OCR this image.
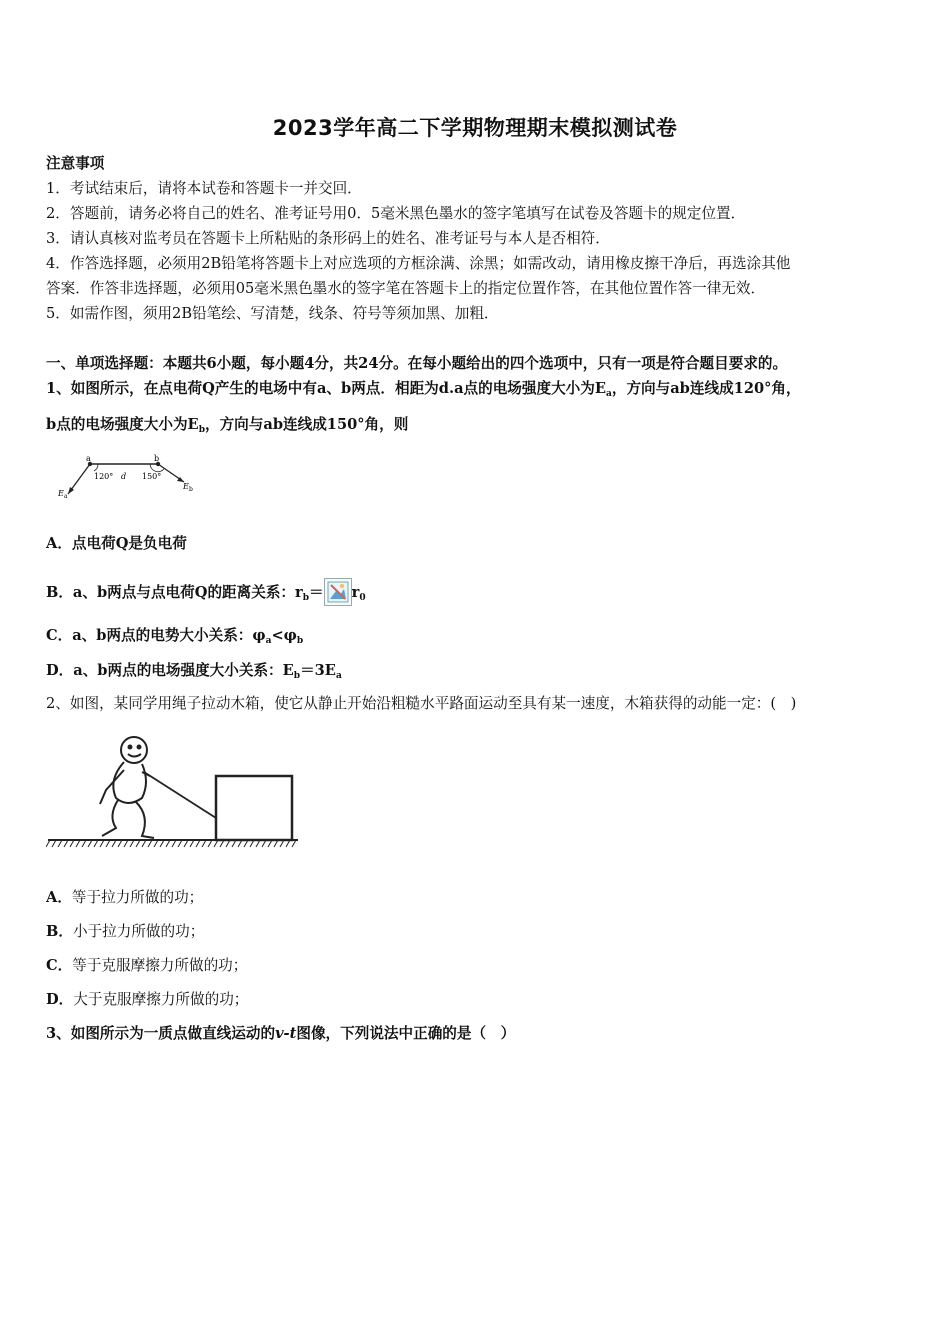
2023学年高二下学期物理期末模拟测试卷
注意事项
1．考试结束后，请将本试卷和答题卡一并交回．
2．答题前，请务必将自己的姓名、准考证号用0．5毫米黑色墨水的签字笔填写在试卷及答题卡的规定位置．
3．请认真核对监考员在答题卡上所粘贴的条形码上的姓名、准考证号与本人是否相符．
4．作答选择题，必须用2B铅笔将答题卡上对应选项的方框涂满、涂黑；如需改动，请用橡皮擦干净后，再选涂其他
答案．作答非选择题，必须用05毫米黑色墨水的签字笔在答题卡上的指定位置作答，在其他位置作答一律无效．
5．如需作图，须用2B铅笔绘、写清楚，线条、符号等须加黑、加粗．
一、单项选择题：本题共6小题，每小题4分，共24分。在每小题给出的四个选项中，只有一项是符合题目要求的。
1、如图所示，在点电荷Q产生的电场中有a、b两点．相距为d.a点的电场强度大小为$E_a$，方向与ab连线成120°角，
b点的电场强度大小为$E_b$，方向与ab连线成150°角，则
a	b
120° d 150°
E a
E b
A．点电荷Q是负电荷
B．a、b两点与点电荷Q的距离关系：$r_b= r_0$
C．a、b两点的电势大小关系：$\varphi_a<\varphi_b$
D．a、b两点的电场强度大小关系：$E_b=3E_a$
2、如图，某同学用绳子拉动木箱，使它从静止开始沿粗糙水平路面运动至具有某一速度，木箱获得的动能一定：(　)
A．等于拉力所做的功；
B．小于拉力所做的功；
C．等于克服摩擦力所做的功；
D．大于克服摩擦力所做的功；
3、如图所示为一质点做直线运动的v-t图像，下列说法中正确的是（　）
